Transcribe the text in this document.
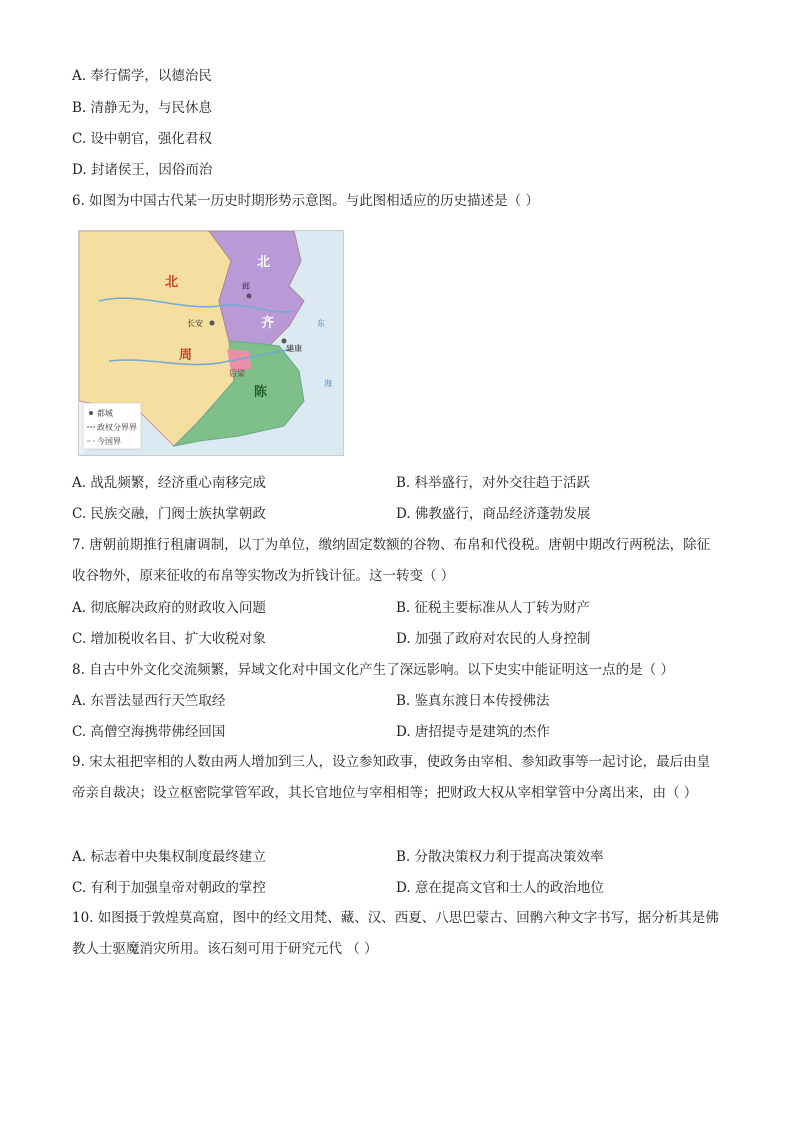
A. 奉行儒学，以德治民
B. 清静无为，与民休息
C. 设中朝官，强化君权
D. 封诸侯王，因俗而治
6. 如图为中国古代某一历史时期形势示意图。与此图相适应的历史描述是（ ）
北
周
北
齐
陈
后梁
长安
邺
建康
东
海
都城
政权分界界
今国界
A. 战乱频繁，经济重心南移完成	B. 科举盛行，对外交往趋于活跃
C. 民族交融，门阀士族执掌朝政	D. 佛教盛行，商品经济蓬勃发展
7. 唐朝前期推行租庸调制，以丁为单位，缴纳固定数额的谷物、布帛和代役税。唐朝中期改行两税法，除征收谷物外，原来征收的布帛等实物改为折钱计征。这一转变（ ）
A. 彻底解决政府的财政收入问题	B. 征税主要标准从人丁转为财产
C. 增加税收名目、扩大收税对象	D. 加强了政府对农民的人身控制
8. 自古中外文化交流频繁，异域文化对中国文化产生了深远影响。以下史实中能证明这一点的是（ ）
A. 东晋法显西行天竺取经	B. 鉴真东渡日本传授佛法
C. 高僧空海携带佛经回国	D. 唐招提寺是建筑的杰作
9. 宋太祖把宰相的人数由两人增加到三人，设立参知政事，使政务由宰相、参知政事等一起讨论，最后由皇帝亲自裁决；设立枢密院掌管军政，其长官地位与宰相相等；把财政大权从宰相掌管中分离出来，由（ ）
A. 标志着中央集权制度最终建立	B. 分散决策权力利于提高决策效率
C. 有利于加强皇帝对朝政的掌控	D. 意在提高文官和士人的政治地位
10. 如图摄于敦煌莫高窟，图中的经文用梵、藏、汉、西夏、八思巴蒙古、回鹘六种文字书写，据分析其是佛教人士驱魔消灾所用。该石刻可用于研究元代 （ ）
